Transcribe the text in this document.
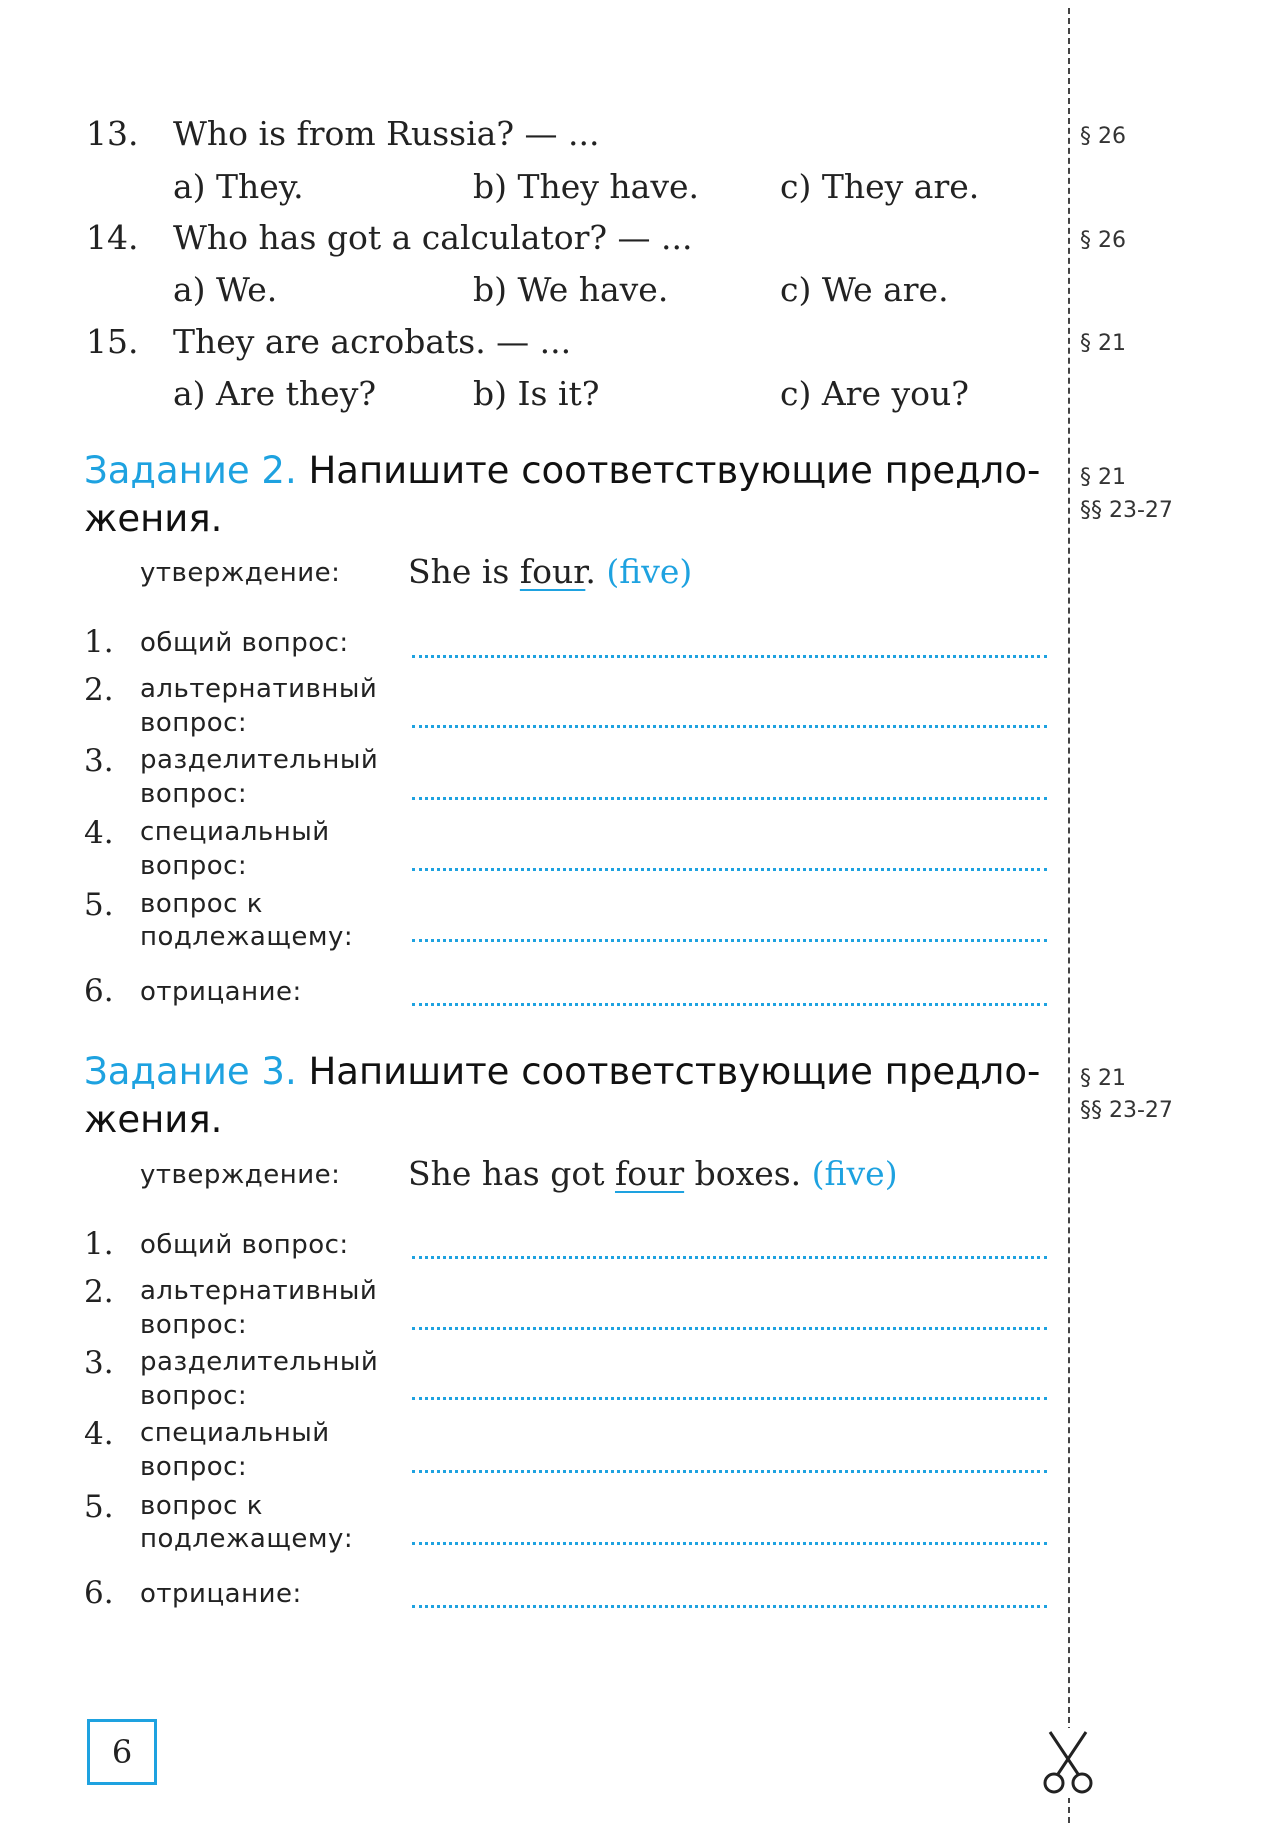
13. Who is from Russia? — ...	§ 26
a) They.	b) They have. c) They are.
14. Who has got a calculator? — ...	§ 26
a) We.	b) We have.	c) We are.
15. They are acrobats. — ...	§ 21
a) Are they?	b) Is it?	c) Are you?
Задание 2. Напишите соответствующие предло-
жения.
§ 21
§§ 23-27
утверждение: She is four. (five)
1. общий вопрос:
2. альтернативный
вопрос:
3. разделительный
вопрос:
4. специальный
вопрос:
5. вопрос к
подлежащему:
6. отрицание:
Задание 3. Напишите соответствующие предло-
жения.
§ 21
§§ 23-27
утверждение: She has got four boxes. (five)
1. общий вопрос:
2. альтернативный
вопрос:
3. разделительный
вопрос:
4. специальный
вопрос:
5. вопрос к
подлежащему:
6. отрицание:
6
